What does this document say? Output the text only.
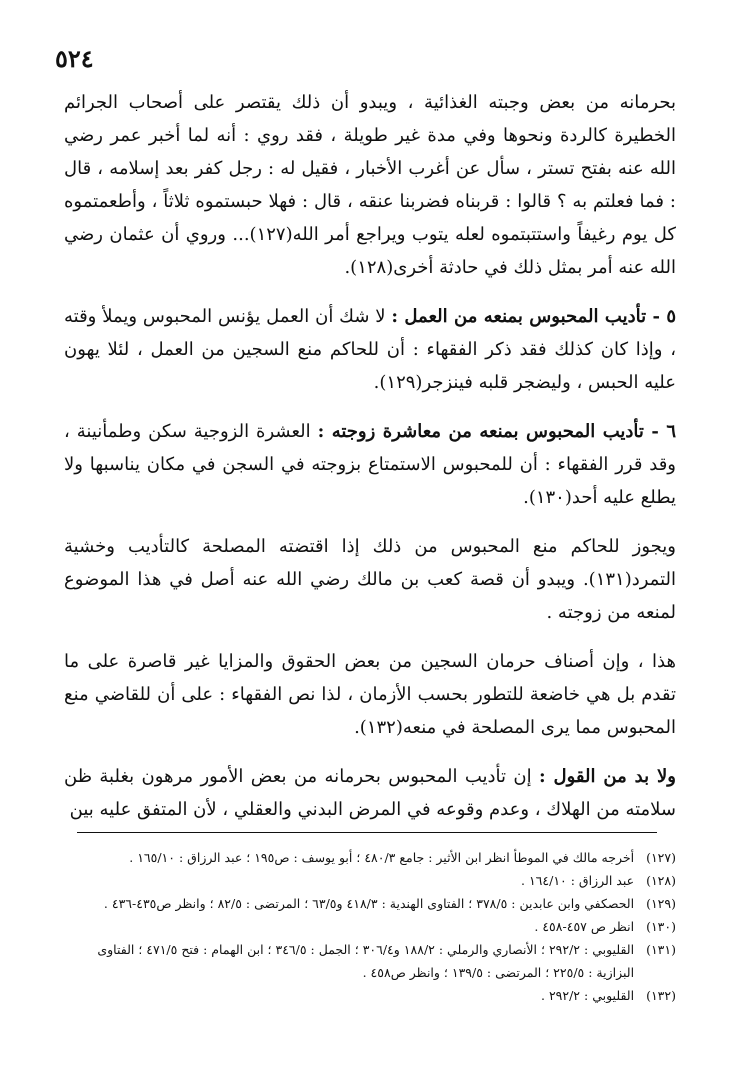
٥٢٤
بحرمانه من بعض وجبته الغذائية ، ويبدو أن ذلك يقتصر على أصحاب الجرائم الخطيرة كالردة ونحوها وفي مدة غير طويلة ، فقد روي : أنه لما أخبر عمر رضي الله عنه بفتح تستر ، سأل عن أغرب الأخبار ، فقيل له : رجل كفر بعد إسلامه ، قال : فما فعلتم به ؟ قالوا : قربناه فضربنا عنقه ، قال : فهلا حبستموه ثلاثاً ، وأطعمتموه كل يوم رغيفاً واستتبتموه لعله يتوب ويراجع أمر الله(١٢٧)... وروي أن عثمان رضي الله عنه أمر بمثل ذلك في حادثة أخرى(١٢٨).
٥ - تأديب المحبوس بمنعه من العمل : لا شك أن العمل يؤنس المحبوس ويملأ وقته ، وإذا كان كذلك فقد ذكر الفقهاء : أن للحاكم منع السجين من العمل ، لئلا يهون عليه الحبس ، وليضجر قلبه فينزجر(١٢٩).
٦ - تأديب المحبوس بمنعه من معاشرة زوجته : العشرة الزوجية سكن وطمأنينة ، وقد قرر الفقهاء : أن للمحبوس الاستمتاع بزوجته في السجن في مكان يناسبها ولا يطلع عليه أحد(١٣٠).
ويجوز للحاكم منع المحبوس من ذلك إذا اقتضته المصلحة كالتأديب وخشية التمرد(١٣١). ويبدو أن قصة كعب بن مالك رضي الله عنه أصل في هذا الموضوع لمنعه من زوجته .
هذا ، وإن أصناف حرمان السجين من بعض الحقوق والمزايا غير قاصرة على ما تقدم بل هي خاضعة للتطور بحسب الأزمان ، لذا نص الفقهاء : على أن للقاضي منع المحبوس مما يرى المصلحة في منعه(١٣٢).
ولا بد من القول : إن تأديب المحبوس بحرمانه من بعض الأمور مرهون بغلبة ظن سلامته من الهلاك ، وعدم وقوعه في المرض البدني والعقلي ، لأن المتفق عليه بين
(١٢٧)
أخرجه مالك في الموطأ انظر ابن الأثير : جامع ٤٨٠/٣ ؛ أبو يوسف : ص١٩٥ ؛ عبد الرزاق : ١٦٥/١٠ .
(١٢٨)
عبد الرزاق : ١٦٤/١٠ .
(١٢٩)
الحصكفي وابن عابدين : ٣٧٨/٥ ؛ الفتاوى الهندية : ٤١٨/٣ و٦٣/٥ ؛ المرتضى : ٨٢/٥ ؛ وانظر ص٤٣٥-٤٣٦ .
(١٣٠)
انظر ص ٤٥٧-٤٥٨ .
(١٣١)
القليوبي : ٢٩٢/٢ ؛ الأنصاري والرملي : ١٨٨/٢ و٣٠٦/٤ ؛ الجمل : ٣٤٦/٥ ؛ ابن الهمام : فتح ٤٧١/٥ ؛ الفتاوى البزازية : ٢٢٥/٥ ؛ المرتضى : ١٣٩/٥ ؛ وانظر ص٤٥٨ .
(١٣٢)
القليوبي : ٢٩٢/٢ .
